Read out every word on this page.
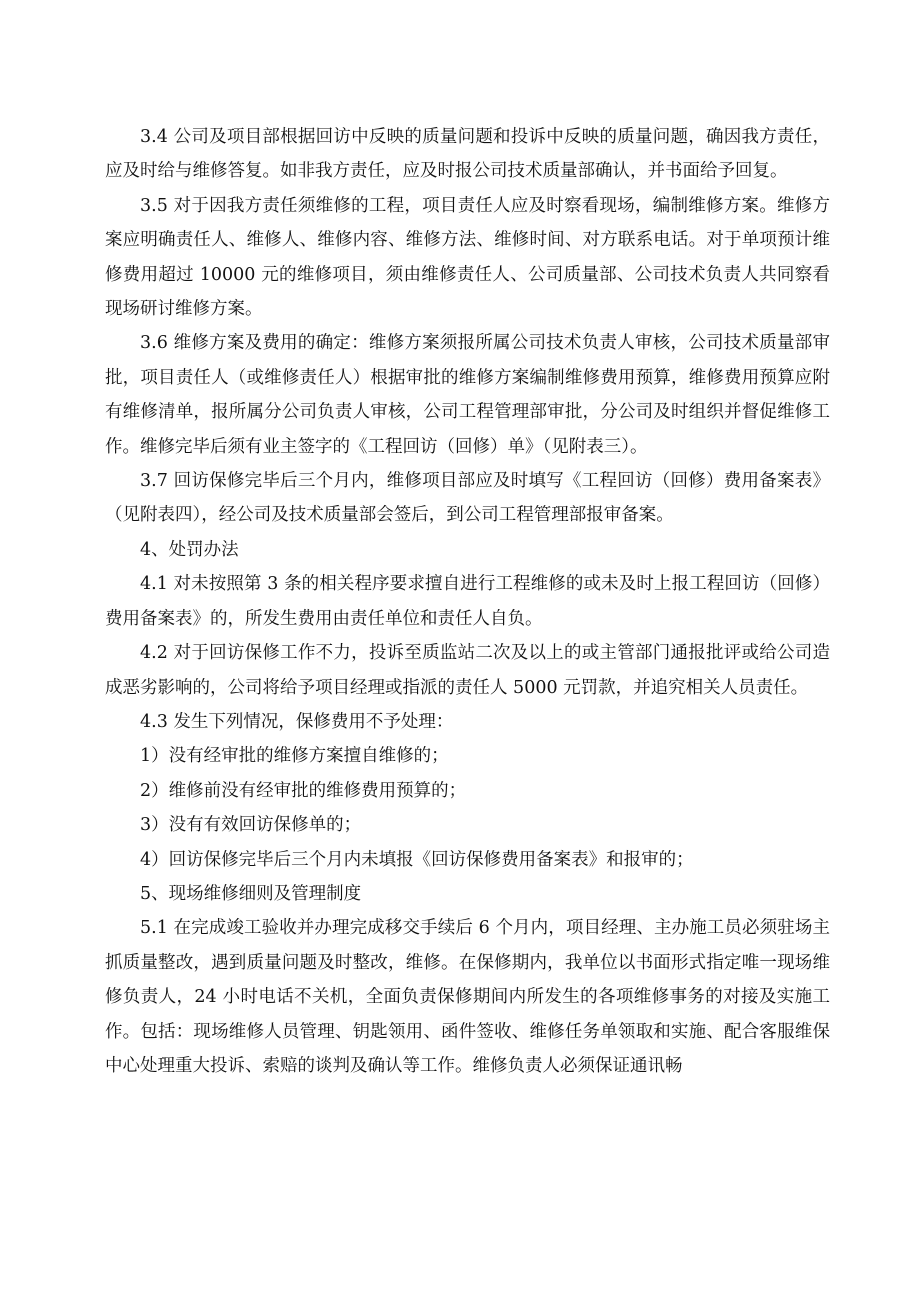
3.4 公司及项目部根据回访中反映的质量问题和投诉中反映的质量问题，确因我方责任，应及时给与维修答复。如非我方责任，应及时报公司技术质量部确认，并书面给予回复。

3.5 对于因我方责任须维修的工程，项目责任人应及时察看现场，编制维修方案。维修方案应明确责任人、维修人、维修内容、维修方法、维修时间、对方联系电话。对于单项预计维修费用超过 10000 元的维修项目，须由维修责任人、公司质量部、公司技术负责人共同察看现场研讨维修方案。

3.6 维修方案及费用的确定：维修方案须报所属公司技术负责人审核，公司技术质量部审批，项目责任人（或维修责任人）根据审批的维修方案编制维修费用预算，维修费用预算应附有维修清单，报所属分公司负责人审核，公司工程管理部审批，分公司及时组织并督促维修工作。维修完毕后须有业主签字的《工程回访（回修）单》（见附表三）。

3.7 回访保修完毕后三个月内，维修项目部应及时填写《工程回访（回修）费用备案表》（见附表四），经公司及技术质量部会签后，到公司工程管理部报审备案。

4、处罚办法

4.1 对未按照第 3 条的相关程序要求擅自进行工程维修的或未及时上报工程回访（回修）费用备案表》的，所发生费用由责任单位和责任人自负。

4.2 对于回访保修工作不力，投诉至质监站二次及以上的或主管部门通报批评或给公司造成恶劣影响的，公司将给予项目经理或指派的责任人 5000 元罚款，并追究相关人员责任。

4.3 发生下列情况，保修费用不予处理：

1）没有经审批的维修方案擅自维修的；

2）维修前没有经审批的维修费用预算的；

3）没有有效回访保修单的；

4）回访保修完毕后三个月内未填报《回访保修费用备案表》和报审的；

5、现场维修细则及管理制度

5.1 在完成竣工验收并办理完成移交手续后 6 个月内，项目经理、主办施工员必须驻场主抓质量整改，遇到质量问题及时整改，维修。在保修期内，我单位以书面形式指定唯一现场维修负责人，24 小时电话不关机，全面负责保修期间内所发生的各项维修事务的对接及实施工作。包括：现场维修人员管理、钥匙领用、函件签收、维修任务单领取和实施、配合客服维保中心处理重大投诉、索赔的谈判及确认等工作。维修负责人必须保证通讯畅
